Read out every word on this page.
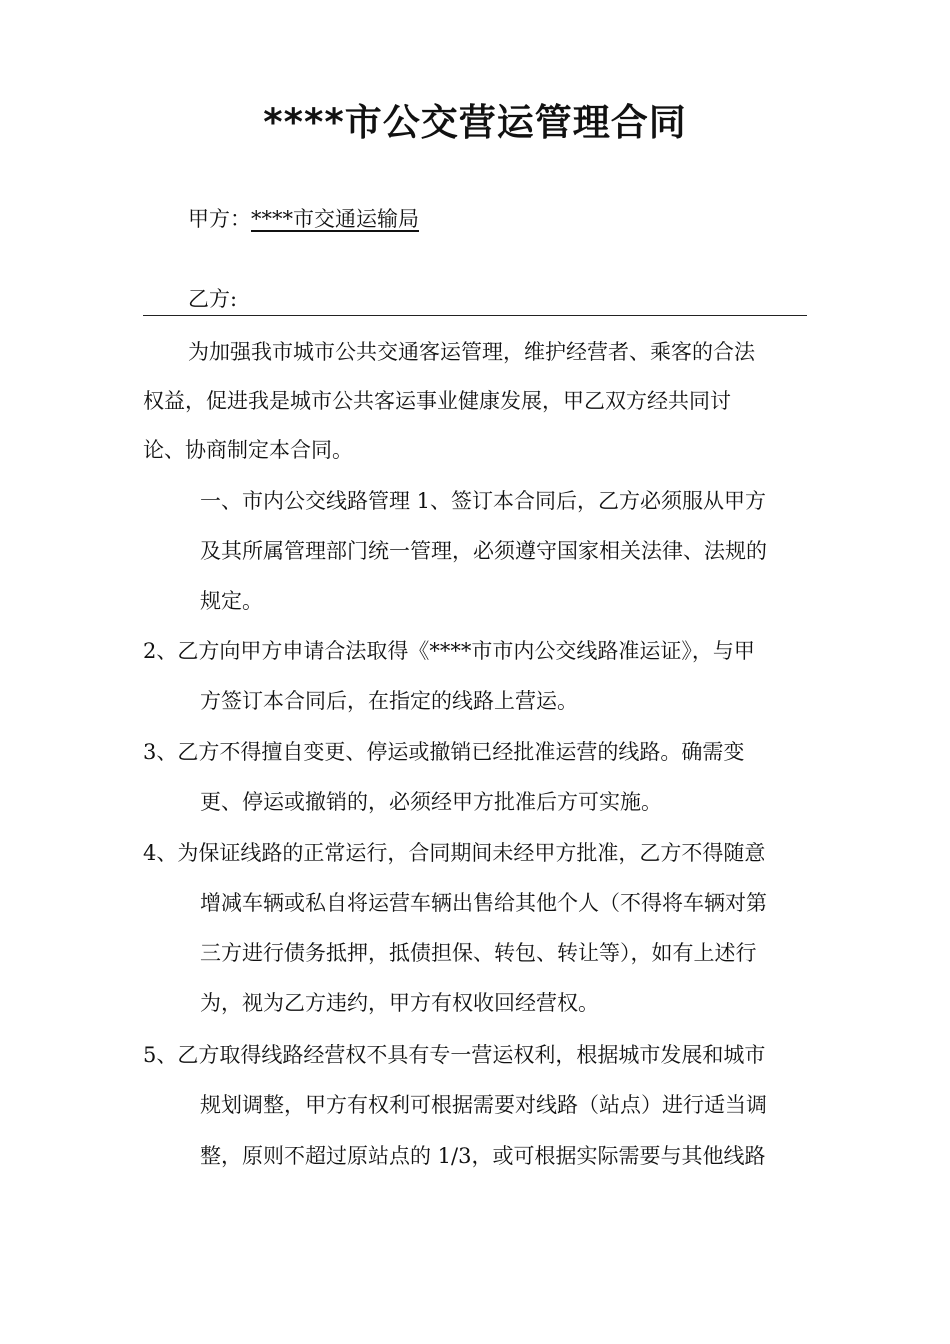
****市公交营运管理合同
甲方：****市交通运输局
乙方:
为加强我市城市公共交通客运管理，维护经营者、乘客的合法
权益，促进我是城市公共客运事业健康发展，甲乙双方经共同讨
论、协商制定本合同。
一、市内公交线路管理 1、签订本合同后，乙方必须服从甲方
及其所属管理部门统一管理，必须遵守国家相关法律、法规的
规定。
2、乙方向甲方申请合法取得《****市市内公交线路准运证》，与甲
方签订本合同后，在指定的线路上营运。
3、乙方不得擅自变更、停运或撤销已经批准运营的线路。确需变
更、停运或撤销的，必须经甲方批准后方可实施。
4、为保证线路的正常运行，合同期间未经甲方批准，乙方不得随意
增减车辆或私自将运营车辆出售给其他个人（不得将车辆对第
三方进行债务抵押，抵债担保、转包、转让等），如有上述行
为，视为乙方违约，甲方有权收回经营权。
5、乙方取得线路经营权不具有专一营运权利，根据城市发展和城市
规划调整，甲方有权利可根据需要对线路（站点）进行适当调
整，原则不超过原站点的 1/3，或可根据实际需要与其他线路
